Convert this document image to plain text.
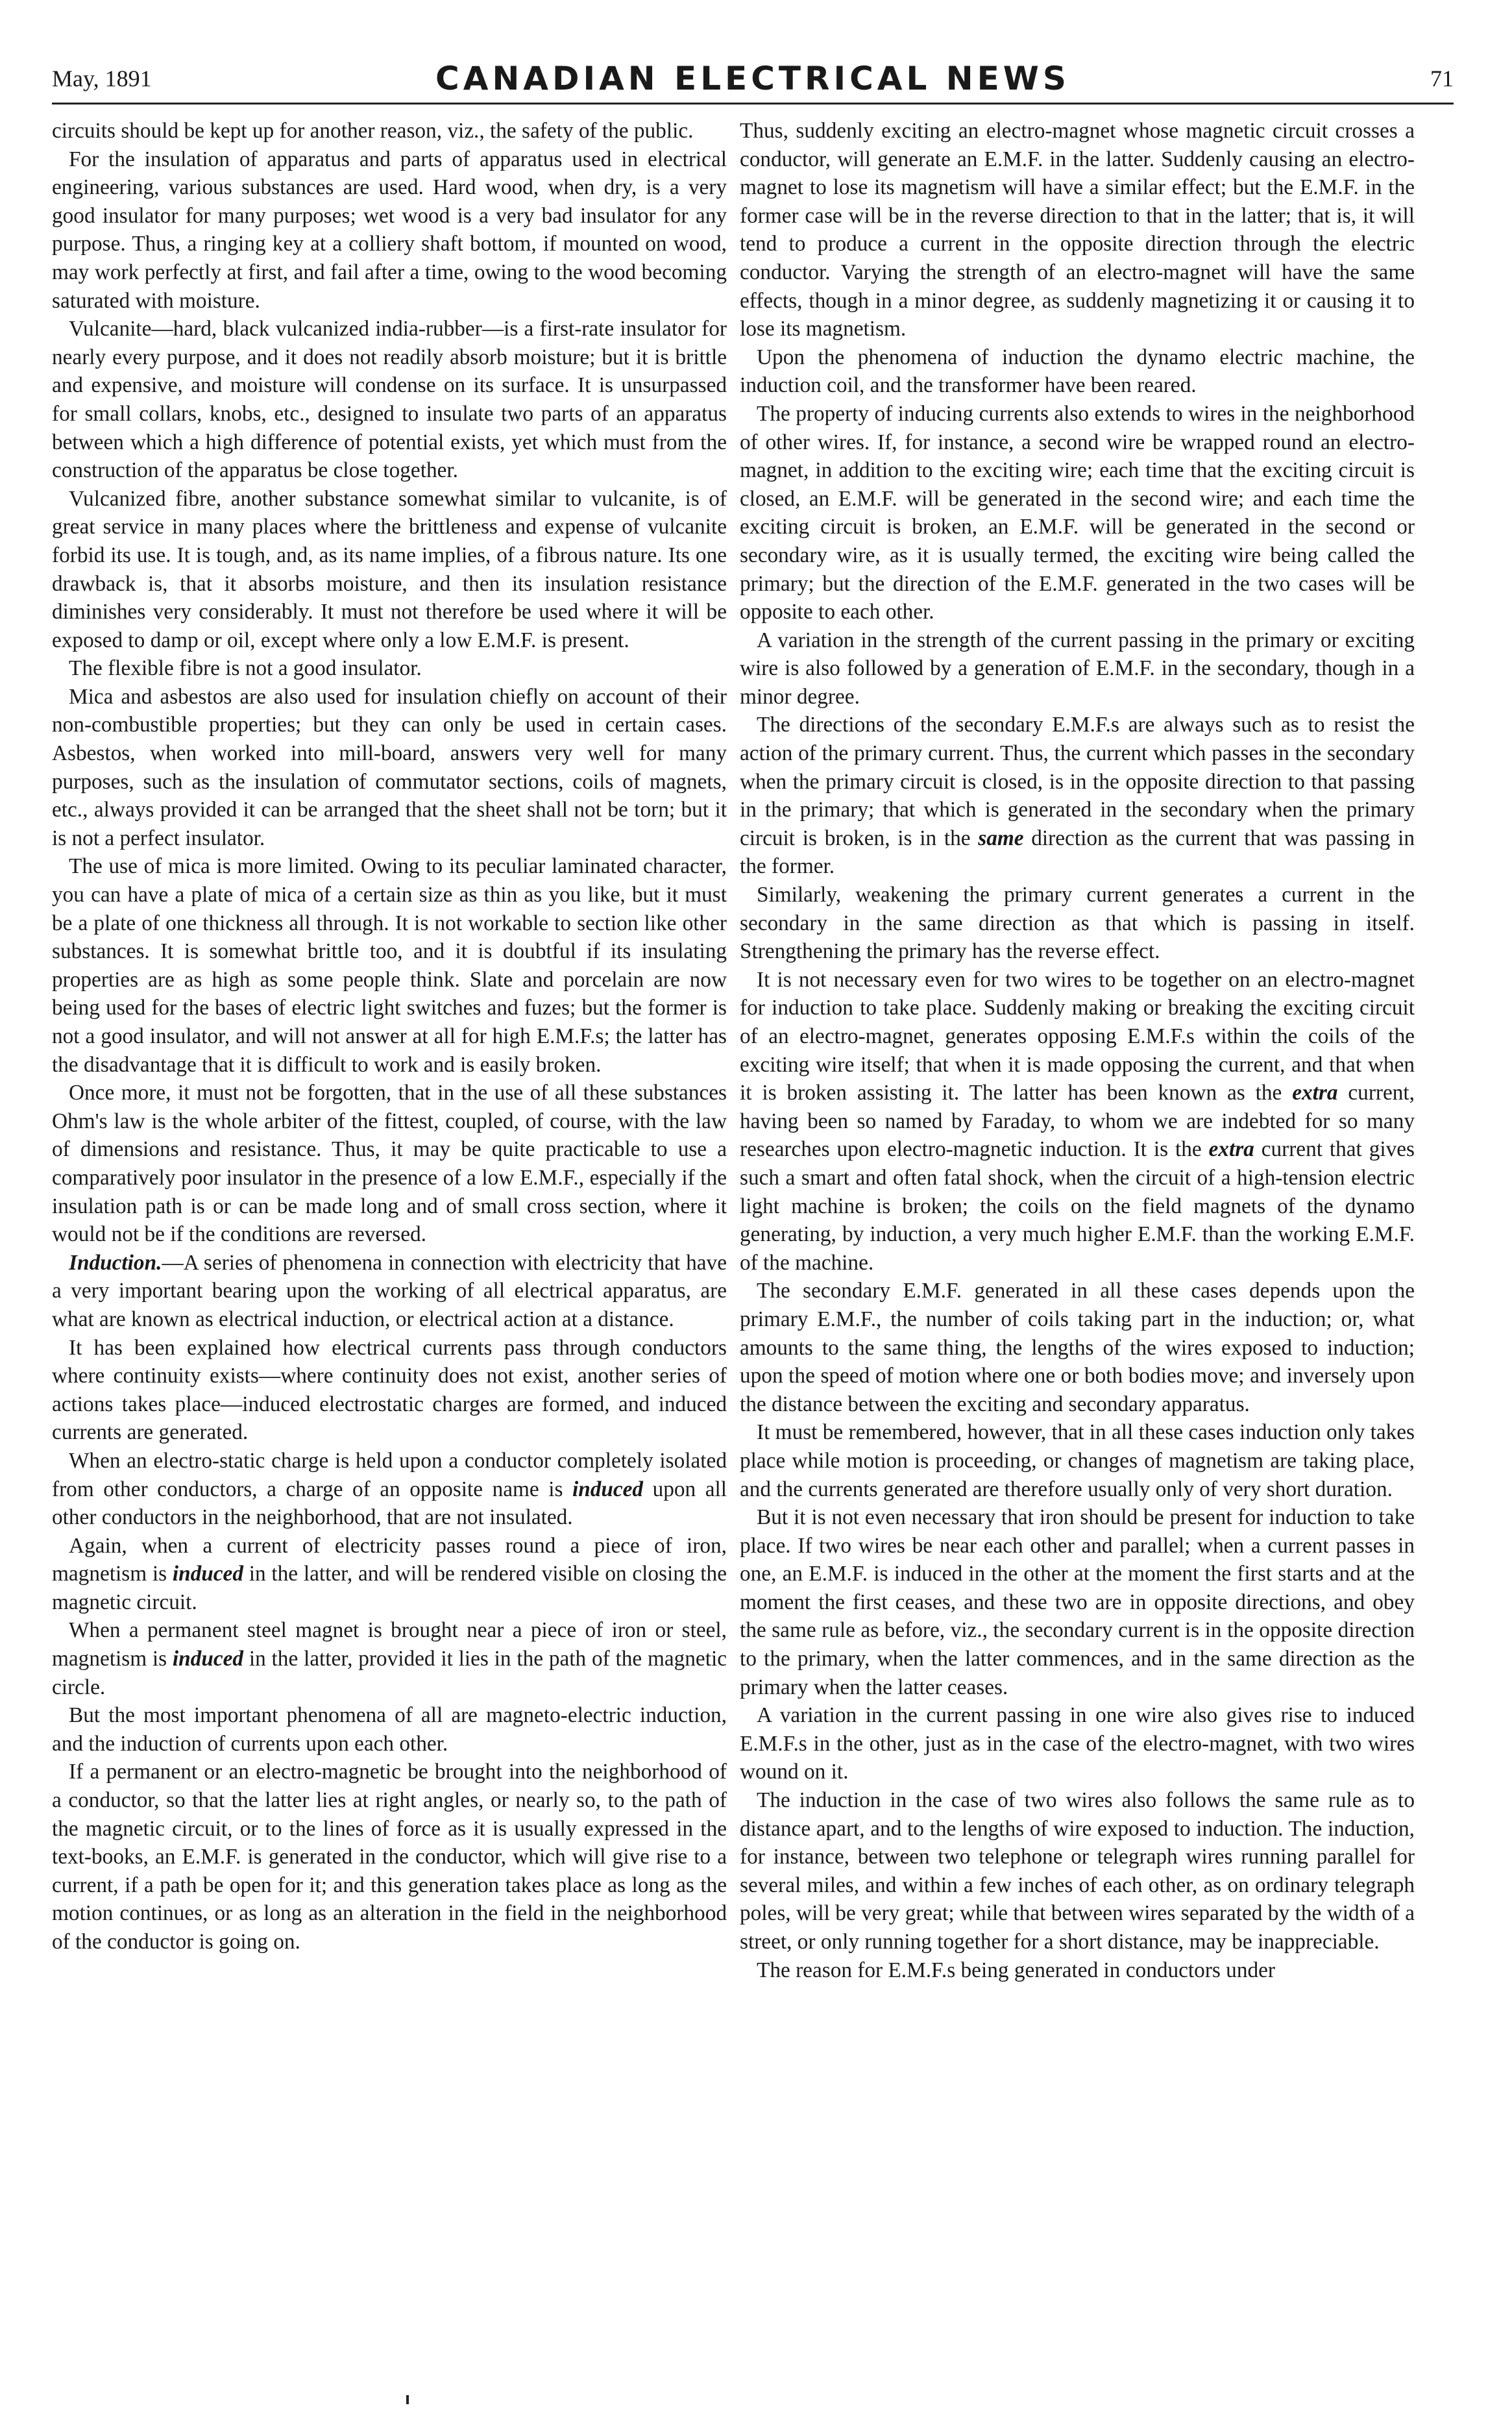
May, 1891	CANADIAN ELECTRICAL NEWS	71

circuits should be kept up for another reason, viz., the safety of the public.

For the insulation of apparatus and parts of apparatus used in electrical engineering, various substances are used. Hard wood, when dry, is a very good insulator for many purposes; wet wood is a very bad insulator for any purpose. Thus, a ringing key at a colliery shaft bottom, if mounted on wood, may work perfectly at first, and fail after a time, owing to the wood becoming saturated with moisture.

Vulcanite—hard, black vulcanized india-rubber—is a first-rate insulator for nearly every purpose, and it does not readily absorb moisture; but it is brittle and expensive, and moisture will condense on its surface. It is unsurpassed for small collars, knobs, etc., designed to insulate two parts of an apparatus between which a high difference of potential exists, yet which must from the construction of the apparatus be close together.

Vulcanized fibre, another substance somewhat similar to vulcanite, is of great service in many places where the brittleness and expense of vulcanite forbid its use. It is tough, and, as its name implies, of a fibrous nature. Its one drawback is, that it absorbs moisture, and then its insulation resistance diminishes very considerably. It must not therefore be used where it will be exposed to damp or oil, except where only a low E.M.F. is present.

The flexible fibre is not a good insulator.

Mica and asbestos are also used for insulation chiefly on account of their non-combustible properties; but they can only be used in certain cases. Asbestos, when worked into mill-board, answers very well for many purposes, such as the insulation of commutator sections, coils of magnets, etc., always provided it can be arranged that the sheet shall not be torn; but it is not a perfect insulator.

The use of mica is more limited. Owing to its peculiar laminated character, you can have a plate of mica of a certain size as thin as you like, but it must be a plate of one thickness all through. It is not workable to section like other substances. It is somewhat brittle too, and it is doubtful if its insulating properties are as high as some people think. Slate and porcelain are now being used for the bases of electric light switches and fuzes; but the former is not a good insulator, and will not answer at all for high E.M.F.s; the latter has the disadvantage that it is difficult to work and is easily broken.

Once more, it must not be forgotten, that in the use of all these substances Ohm's law is the whole arbiter of the fittest, coupled, of course, with the law of dimensions and resistance. Thus, it may be quite practicable to use a comparatively poor insulator in the presence of a low E.M.F., especially if the insulation path is or can be made long and of small cross section, where it would not be if the conditions are reversed.

Induction.—A series of phenomena in connection with electricity that have a very important bearing upon the working of all electrical apparatus, are what are known as electrical induction, or electrical action at a distance.

It has been explained how electrical currents pass through conductors where continuity exists—where continuity does not exist, another series of actions takes place—induced electrostatic charges are formed, and induced currents are generated.

When an electro-static charge is held upon a conductor completely isolated from other conductors, a charge of an opposite name is induced upon all other conductors in the neighborhood, that are not insulated.

Again, when a current of electricity passes round a piece of iron, magnetism is induced in the latter, and will be rendered visible on closing the magnetic circuit.

When a permanent steel magnet is brought near a piece of iron or steel, magnetism is induced in the latter, provided it lies in the path of the magnetic circle.

But the most important phenomena of all are magneto-electric induction, and the induction of currents upon each other.

If a permanent or an electro-magnetic be brought into the neighborhood of a conductor, so that the latter lies at right angles, or nearly so, to the path of the magnetic circuit, or to the lines of force as it is usually expressed in the text-books, an E.M.F. is generated in the conductor, which will give rise to a current, if a path be open for it; and this generation takes place as long as the motion continues, or as long as an alteration in the field in the neighborhood of the conductor is going on.

Thus, suddenly exciting an electro-magnet whose magnetic circuit crosses a conductor, will generate an E.M.F. in the latter. Suddenly causing an electro-magnet to lose its magnetism will have a similar effect; but the E.M.F. in the former case will be in the reverse direction to that in the latter; that is, it will tend to produce a current in the opposite direction through the electric conductor. Varying the strength of an electro-magnet will have the same effects, though in a minor degree, as suddenly magnetizing it or causing it to lose its magnetism.

Upon the phenomena of induction the dynamo electric machine, the induction coil, and the transformer have been reared.

The property of inducing currents also extends to wires in the neighborhood of other wires. If, for instance, a second wire be wrapped round an electro-magnet, in addition to the exciting wire; each time that the exciting circuit is closed, an E.M.F. will be generated in the second wire; and each time the exciting circuit is broken, an E.M.F. will be generated in the second or secondary wire, as it is usually termed, the exciting wire being called the primary; but the direction of the E.M.F. generated in the two cases will be opposite to each other.

A variation in the strength of the current passing in the primary or exciting wire is also followed by a generation of E.M.F. in the secondary, though in a minor degree.

The directions of the secondary E.M.F.s are always such as to resist the action of the primary current. Thus, the current which passes in the secondary when the primary circuit is closed, is in the opposite direction to that passing in the primary; that which is generated in the secondary when the primary circuit is broken, is in the same direction as the current that was passing in the former.

Similarly, weakening the primary current generates a current in the secondary in the same direction as that which is passing in itself. Strengthening the primary has the reverse effect.

It is not necessary even for two wires to be together on an electro-magnet for induction to take place. Suddenly making or breaking the exciting circuit of an electro-magnet, generates opposing E.M.F.s within the coils of the exciting wire itself; that when it is made opposing the current, and that when it is broken assisting it. The latter has been known as the extra current, having been so named by Faraday, to whom we are indebted for so many researches upon electro-magnetic induction. It is the extra current that gives such a smart and often fatal shock, when the circuit of a high-tension electric light machine is broken; the coils on the field magnets of the dynamo generating, by induction, a very much higher E.M.F. than the working E.M.F. of the machine.

The secondary E.M.F. generated in all these cases depends upon the primary E.M.F., the number of coils taking part in the induction; or, what amounts to the same thing, the lengths of the wires exposed to induction; upon the speed of motion where one or both bodies move; and inversely upon the distance between the exciting and secondary apparatus.

It must be remembered, however, that in all these cases induction only takes place while motion is proceeding, or changes of magnetism are taking place, and the currents generated are therefore usually only of very short duration.

But it is not even necessary that iron should be present for induction to take place. If two wires be near each other and parallel; when a current passes in one, an E.M.F. is induced in the other at the moment the first starts and at the moment the first ceases, and these two are in opposite directions, and obey the same rule as before, viz., the secondary current is in the opposite direction to the primary, when the latter commences, and in the same direction as the primary when the latter ceases.

A variation in the current passing in one wire also gives rise to induced E.M.F.s in the other, just as in the case of the electro-magnet, with two wires wound on it.

The induction in the case of two wires also follows the same rule as to distance apart, and to the lengths of wire exposed to induction. The induction, for instance, between two telephone or telegraph wires running parallel for several miles, and within a few inches of each other, as on ordinary telegraph poles, will be very great; while that between wires separated by the width of a street, or only running together for a short distance, may be inappreciable.

The reason for E.M.F.s being generated in conductors under
